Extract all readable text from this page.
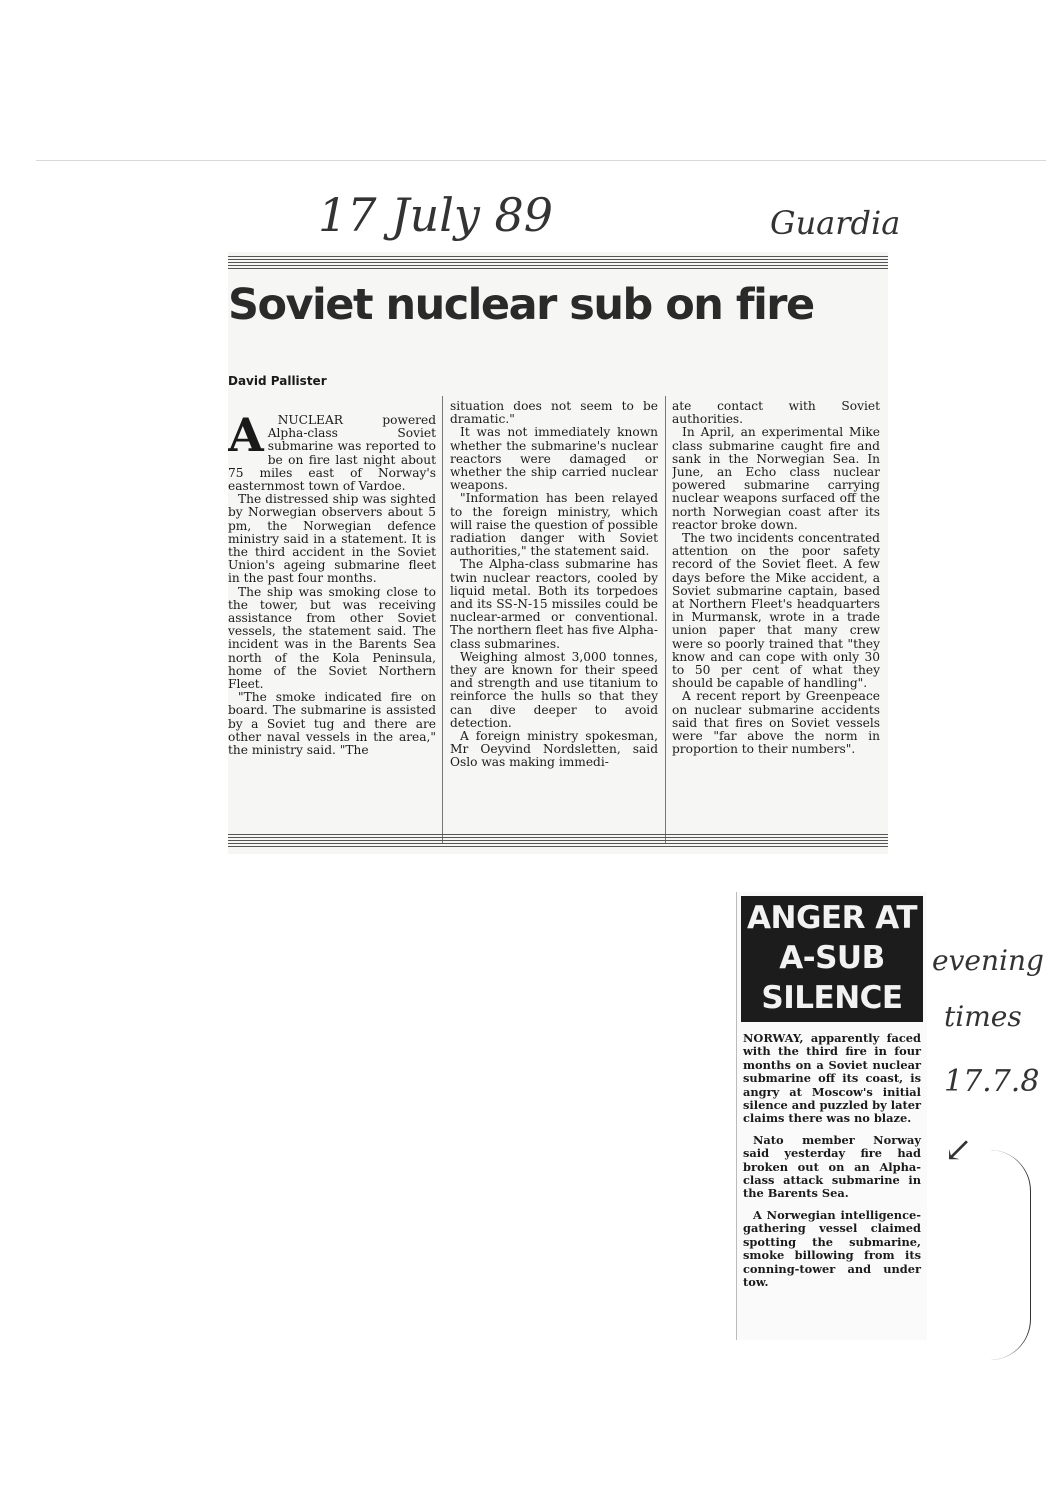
17 July 89	Guardia
evening
times
17.7.8
↙
Soviet nuclear sub on fire
David Pallister
A	NUCLEAR powered Alpha-class Soviet submarine was reported to be on fire last night about 75 miles east of Norway's easternmost town of Vardoe.

The distressed ship was sighted by Norwegian observers about 5 pm, the Norwegian defence ministry said in a statement. It is the third accident in the Soviet Union's ageing submarine fleet in the past four months.

The ship was smoking close to the tower, but was receiving assistance from other Soviet vessels, the statement said. The incident was in the Barents Sea north of the Kola Peninsula, home of the Soviet Northern Fleet.

"The smoke indicated fire on board. The submarine is assisted by a Soviet tug and there are other naval vessels in the area," the ministry said. "The

situation does not seem to be dramatic."

It was not immediately known whether the submarine's nuclear reactors were damaged or whether the ship carried nuclear weapons.

"Information has been relayed to the foreign ministry, which will raise the question of possible radiation danger with Soviet authorities," the statement said.

The Alpha-class submarine has twin nuclear reactors, cooled by liquid metal. Both its torpedoes and its SS-N-15 missiles could be nuclear-armed or conventional. The northern fleet has five Alpha-class submarines.

Weighing almost 3,000 tonnes, they are known for their speed and strength and use titanium to reinforce the hulls so that they can dive deeper to avoid detection.

A foreign ministry spokesman, Mr Oeyvind Nordsletten, said Oslo was making immedi-

ate contact with Soviet authorities.

In April, an experimental Mike class submarine caught fire and sank in the Norwegian Sea. In June, an Echo class nuclear powered submarine carrying nuclear weapons surfaced off the north Norwegian coast after its reactor broke down.

The two incidents concentrated attention on the poor safety record of the Soviet fleet. A few days before the Mike accident, a Soviet submarine captain, based at Northern Fleet's headquarters in Murmansk, wrote in a trade union paper that many crew were so poorly trained that "they know and can cope with only 30 to 50 per cent of what they should be capable of handling".

A recent report by Greenpeace on nuclear submarine accidents said that fires on Soviet vessels were "far above the norm in proportion to their numbers".

ANGER AT
A-SUB
SILENCE

NORWAY, apparently faced with the third fire in four months on a Soviet nuclear submarine off its coast, is angry at Moscow's initial silence and puzzled by later claims there was no blaze.

Nato member Norway said yesterday fire had broken out on an Alpha-class attack submarine in the Barents Sea.

A Norwegian intelligence-gathering vessel claimed spotting the submarine, smoke billowing from its conning-tower and under tow.
